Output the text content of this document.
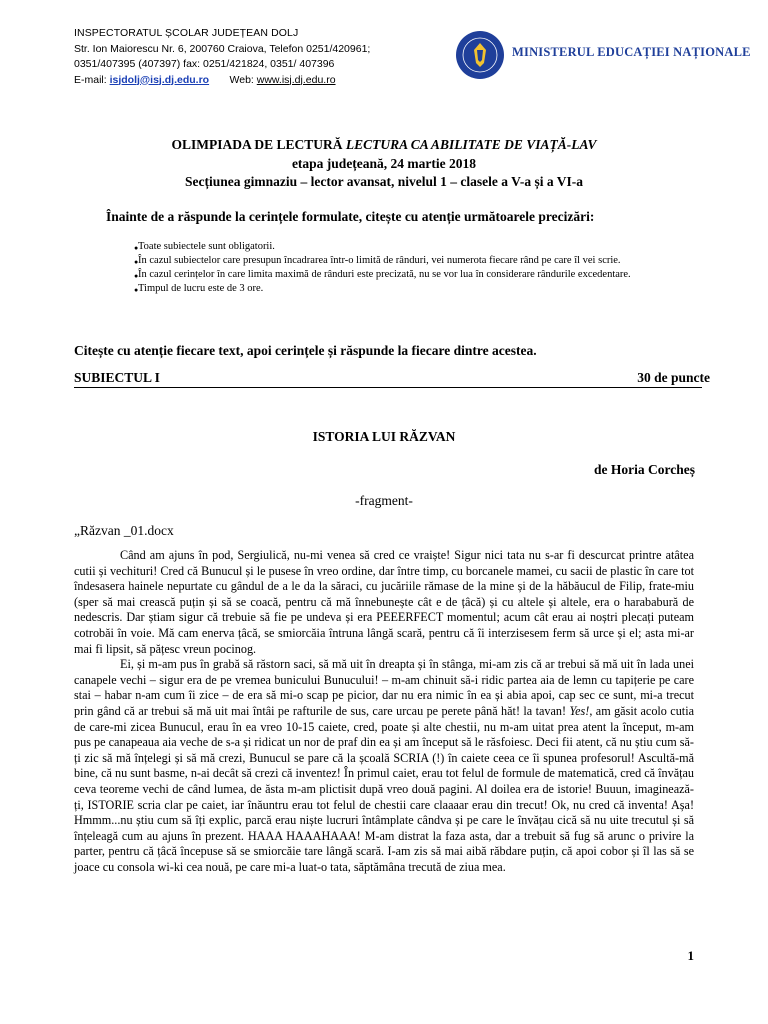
INSPECTORATUL ȘCOLAR JUDEȚEAN DOLJ
Str. Ion Maiorescu Nr. 6, 200760 Craiova, Telefon 0251/420961;
0351/407395 (407397) fax: 0251/421824, 0351/ 407396
E-mail: isjdolj@isj.dj.edu.ro Web: www.isj.dj.edu.ro
MINISTERUL EDUCAȚIEI NAȚIONALE
OLIMPIADA DE LECTURĂ LECTURA CA ABILITATE DE VIAȚĂ-LAV
etapa județeană, 24 martie 2018
Secțiunea gimnaziu – lector avansat, nivelul 1 – clasele a V-a și a VI-a
Înainte de a răspunde la cerințele formulate, citește cu atenție următoarele precizări:
● Toate subiectele sunt obligatorii.
● În cazul subiectelor care presupun încadrarea într-o limită de rânduri, vei numerota fiecare rând pe care îl vei scrie.
● În cazul cerințelor în care limita maximă de rânduri este precizată, nu se vor lua în considerare rândurile excedentare.
● Timpul de lucru este de 3 ore.
Citește cu atenție fiecare text, apoi cerințele și răspunde la fiecare dintre acestea.
SUBIECTUL I	30 de puncte
ISTORIA LUI RĂZVAN
de Horia Corcheș
-fragment-
„Răzvan _01.docx

Când am ajuns în pod, Sergiulică, nu-mi venea să cred ce vraiște! Sigur nici tata nu s-ar fi descurcat printre atâtea cutii și vechituri! Cred că Bunucul și le pusese în vreo ordine, dar între timp, cu borcanele mamei, cu sacii de plastic în care tot îndesasera hainele nepurtate cu gândul de a le da la săraci, cu jucăriile rămase de la mine și de la hăbăucul de Filip, frate-miu (sper să mai crească puțin și să se coacă, pentru că mă înnebunește cât e de țâcă) și cu altele și altele, era o harababură de nedescris. Dar știam sigur că trebuie să fie pe undeva și era PEEERFECT momentul; acum cât erau ai noștri plecați puteam cotrobăi în voie. Mă cam enerva țâcă, se smiorcăia întruna lângă scară, pentru că îi interzisesem ferm să urce și el; asta mi-ar mai fi lipsit, să pățesc vreun pocinog.

Ei, și m-am pus în grabă să răstorn saci, să mă uit în dreapta și în stânga, mi-am zis că ar trebui să mă uit în lada unei canapele vechi – sigur era de pe vremea bunicului Bunucului! – m-am chinuit să-i ridic partea aia de lemn cu tapițerie pe care stai – habar n-am cum îi zice – de era să mi-o scap pe picior, dar nu era nimic în ea și abia apoi, cap sec ce sunt, mi-a trecut prin gând că ar trebui să mă uit mai întâi pe rafturile de sus, care urcau pe perete până hăt! la tavan! Yes!, am găsit acolo cutia de care-mi zicea Bunucul, erau în ea vreo 10-15 caiete, cred, poate și alte chestii, nu m-am uitat prea atent la început, m-am pus pe canapeaua aia veche de s-a și ridicat un nor de praf din ea și am început să le răsfoiesc. Deci fii atent, că nu știu cum să-ți zic să mă înțelegi și să mă crezi, Bunucul se pare că la școală SCRIA (!) în caiete ceea ce îi spunea profesorul! Ascultă-mă bine, că nu sunt basme, n-ai decât să crezi că inventez! În primul caiet, erau tot felul de formule de matematică, cred că învățau ceva teoreme vechi de când lumea, de ăsta m-am plictisit după vreo două pagini. Al doilea era de istorie! Buuun, imaginează-ți, ISTORIE scria clar pe caiet, iar înăuntru erau tot felul de chestii care claaaar erau din trecut! Ok, nu cred că inventa! Așa! Hmmm...nu știu cum să îți explic, parcă erau niște lucruri întâmplate cândva și pe care le învățau cică să nu uite trecutul și să înțeleagă cum au ajuns în prezent. HAAA HAAAHAAA! M-am distrat la faza asta, dar a trebuit să fug să arunc o privire la parter, pentru că țâcă începuse să se smiorcăie tare lângă scară. I-am zis să mai aibă răbdare puțin, că apoi cobor și îl las să se joace cu consola wi-ki cea nouă, pe care mi-a luat-o tata, săptămâna trecută de ziua mea.

1
